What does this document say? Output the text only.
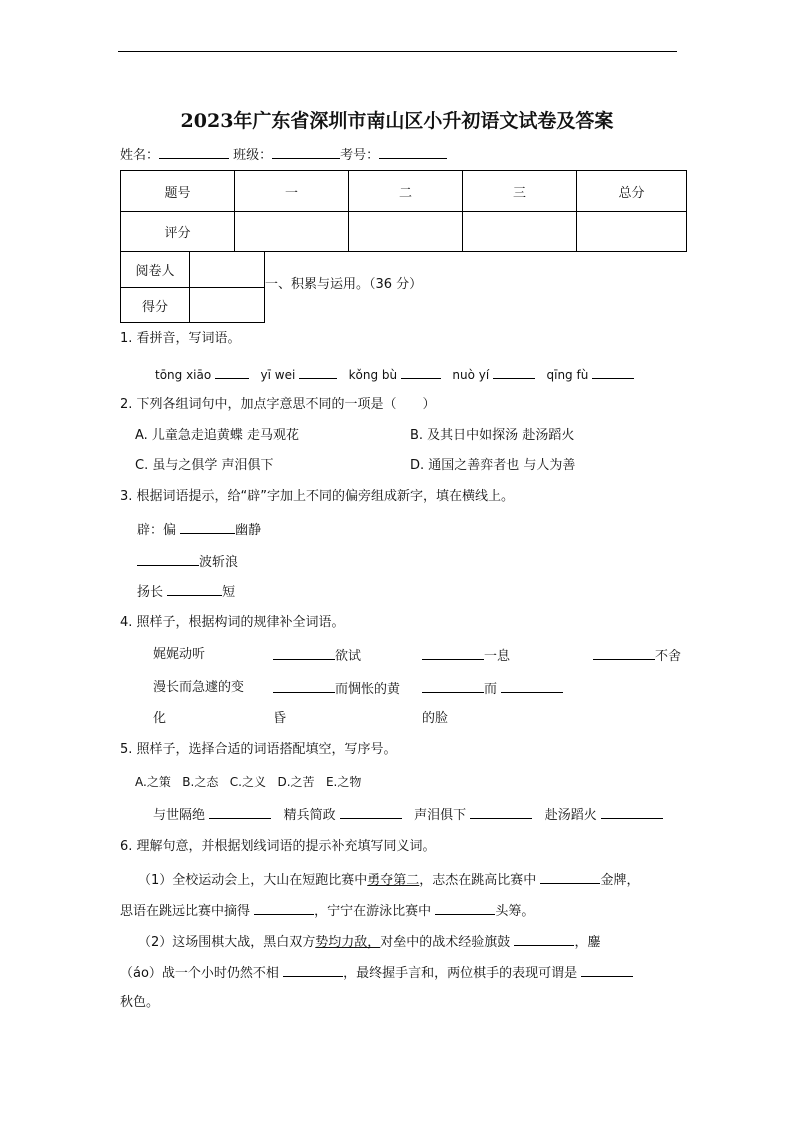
2023年广东省深圳市南山区小升初语文试卷及答案
姓名：	班级：	考号：
题号	一	二	三	总分
评分				
阅卷人	
得分	
一、积累与运用。（36 分）
1. 看拼音，写词语。
tōng xiāo	yī wei	kǒng bù	nuò yí	qīng fù
2. 下列各组词句中，加点字意思不同的一项是（　　）
A. 儿童急走追黄蝶 走马观花	B. 及其日中如探汤 赴汤蹈火
C. 虽与之俱学 声泪俱下	D. 通国之善弈者也 与人为善
3. 根据词语提示，给“辟”字加上不同的偏旁组成新字，填在横线上。
辟：偏	幽静
波斩浪
扬长	短
4. 照样子，根据构词的规律补全词语。
娓娓动听	欲试	一息	不舍
漫长而急遽的变	而惆怅的黄	而
化	昏	的脸
5. 照样子，选择合适的词语搭配填空，写序号。
A.之策 B.之态 C.之义 D.之苦 E.之物
与世隔绝	精兵简政	声泪俱下	赴汤蹈火
6. 理解句意，并根据划线词语的提示补充填写同义词。
（1）全校运动会上，大山在短跑比赛中勇夺第二，志杰在跳高比赛中	金牌，
思语在跳远比赛中摘得	，宁宁在游泳比赛中	头筹。
（2）这场围棋大战，黑白双方势均力敌，对垒中的战术经验旗鼓	，鏖
（áo）战一个小时仍然不相	，最终握手言和，两位棋手的表现可谓是
秋色。
